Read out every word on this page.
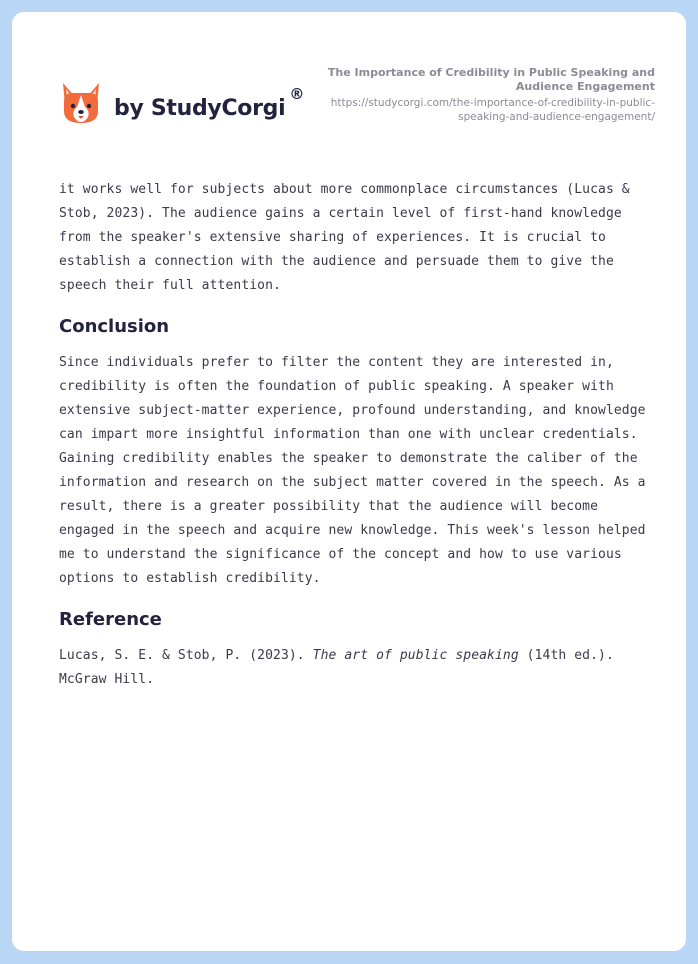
by StudyCorgi
®
The Importance of Credibility in Public Speaking and Audience Engagement
https://studycorgi.com/the-importance-of-credibility-in-public-speaking-and-audience-engagement/

it works well for subjects about more commonplace circumstances (Lucas & Stob, 2023). The audience gains a certain level of first-hand knowledge from the speaker's extensive sharing of experiences. It is crucial to establish a connection with the audience and persuade them to give the speech their full attention.

Conclusion

Since individuals prefer to filter the content they are interested in, credibility is often the foundation of public speaking. A speaker with extensive subject-matter experience, profound understanding, and knowledge can impart more insightful information than one with unclear credentials. Gaining credibility enables the speaker to demonstrate the caliber of the information and research on the subject matter covered in the speech. As a result, there is a greater possibility that the audience will become engaged in the speech and acquire new knowledge. This week's lesson helped me to understand the significance of the concept and how to use various options to establish credibility.

Reference

Lucas, S. E. & Stob, P. (2023). The art of public speaking (14th ed.). McGraw Hill.
